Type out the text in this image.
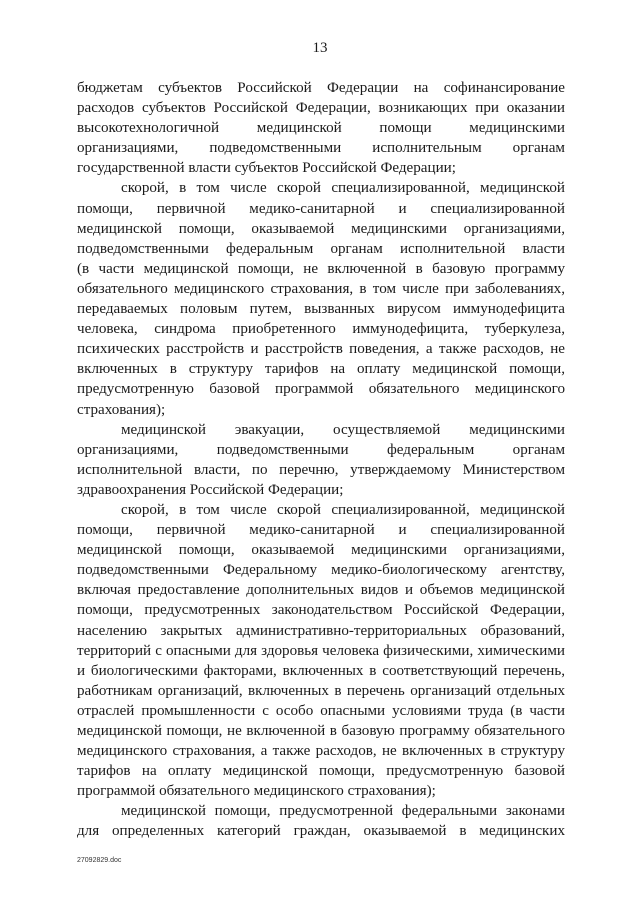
13
бюджетам субъектов Российской Федерации на софинансирование
расходов субъектов Российской Федерации, возникающих при оказании
высокотехнологичной медицинской помощи медицинскими
организациями, подведомственными исполнительным органам
государственной власти субъектов Российской Федерации;
скорой, в том числе скорой специализированной, медицинской
помощи, первичной медико-санитарной и специализированной
медицинской помощи, оказываемой медицинскими организациями,
подведомственными федеральным органам исполнительной власти
(в части медицинской помощи, не включенной в базовую программу
обязательного медицинского страхования, в том числе при заболеваниях,
передаваемых половым путем, вызванных вирусом иммунодефицита
человека, синдрома приобретенного иммунодефицита, туберкулеза,
психических расстройств и расстройств поведения, а также расходов, не
включенных в структуру тарифов на оплату медицинской помощи,
предусмотренную базовой программой обязательного медицинского
страхования);
медицинской эвакуации, осуществляемой медицинскими
организациями, подведомственными федеральным органам
исполнительной власти, по перечню, утверждаемому Министерством
здравоохранения Российской Федерации;
скорой, в том числе скорой специализированной, медицинской
помощи, первичной медико-санитарной и специализированной
медицинской помощи, оказываемой медицинскими организациями,
подведомственными Федеральному медико-биологическому агентству,
включая предоставление дополнительных видов и объемов медицинской
помощи, предусмотренных законодательством Российской Федерации,
населению закрытых административно-территориальных образований,
территорий с опасными для здоровья человека физическими, химическими
и биологическими факторами, включенных в соответствующий перечень,
работникам организаций, включенных в перечень организаций отдельных
отраслей промышленности с особо опасными условиями труда (в части
медицинской помощи, не включенной в базовую программу обязательного
медицинского страхования, а также расходов, не включенных в структуру
тарифов на оплату медицинской помощи, предусмотренную базовой
программой обязательного медицинского страхования);
медицинской помощи, предусмотренной федеральными законами
для определенных категорий граждан, оказываемой в медицинских
27092829.doc
